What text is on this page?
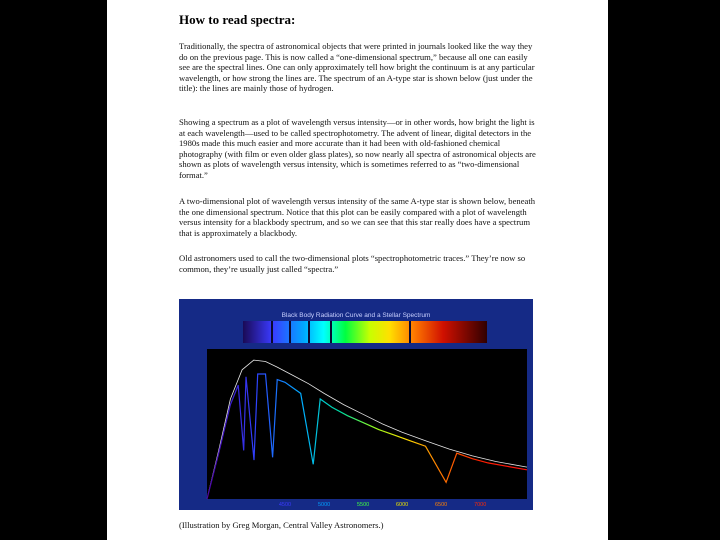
How to read spectra:

Traditionally, the spectra of astronomical objects that were printed in journals looked like the way they do on the previous page. This is now called a “one-dimensional spectrum,” because all one can easily see are the spectral lines. One can only approximately tell how bright the continuum is at any particular wavelength, or how strong the lines are. The spectrum of an A-type star is shown below (just under the title): the lines are mainly those of hydrogen.

Showing a spectrum as a plot of wavelength versus intensity—or in other words, how bright the light is at each wavelength—used to be called spectrophotometry. The advent of linear, digital detectors in the 1980s made this much easier and more accurate than it had been with old-fashioned chemical photography (with film or even older glass plates), so now nearly all spectra of astronomical objects are shown as plots of wavelength versus intensity, which is sometimes referred to as “two-dimensional format.”

A two-dimensional plot of wavelength versus intensity of the same A-type star is shown below, beneath the one dimensional spectrum. Notice that this plot can be easily compared with a plot of wavelength versus intensity for a blackbody spectrum, and so we can see that this star really does have a spectrum that is approximately a blackbody.

Old astronomers used to call the two-dimensional plots “spectrophotometric traces.” They’re now so common, they’re usually just called “spectra.”

Black Body Radiation Curve and a Stellar Spectrum
4500	5000	5500	6000	6500	7000

(Illustration by Greg Morgan, Central Valley Astronomers.)
